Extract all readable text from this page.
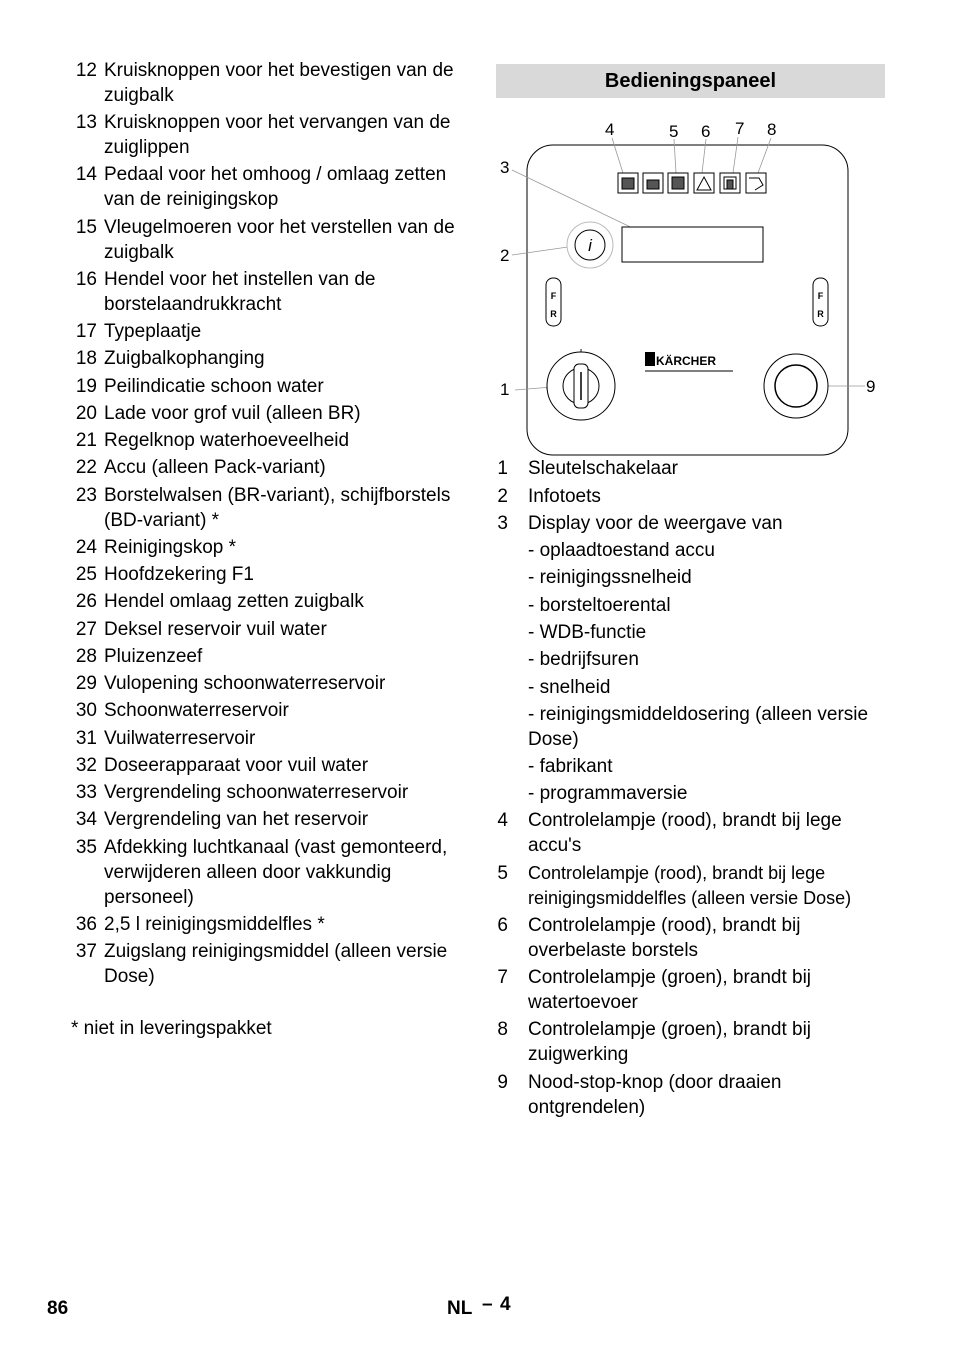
12 Kruisknoppen voor het bevestigen van de zuigbalk
13 Kruisknoppen voor het vervangen van de zuiglippen
14 Pedaal voor het omhoog / omlaag zetten van de reinigingskop
15 Vleugelmoeren voor het verstellen van de zuigbalk
16 Hendel voor het instellen van de borstelaandrukkracht
17 Typeplaatje
18 Zuigbalkophanging
19 Peilindicatie schoon water
20 Lade voor grof vuil (alleen BR)
21 Regelknop waterhoeveelheid
22 Accu (alleen Pack-variant)
23 Borstelwalsen (BR-variant), schijfborstels (BD-variant) *
24 Reinigingskop *
25 Hoofdzekering F1
26 Hendel omlaag zetten zuigbalk
27 Deksel reservoir vuil water
28 Pluizenzeef
29 Vulopening schoonwaterreservoir
30 Schoonwaterreservoir
31 Vuilwaterreservoir
32 Doseerapparaat voor vuil water
33 Vergrendeling schoonwaterreservoir
34 Vergrendeling van het reservoir
35 Afdekking luchtkanaal (vast gemonteerd, verwijderen alleen door vakkundig personeel)
36 2,5 l reinigingsmiddelfles *
37 Zuigslang reinigingsmiddel (alleen versie Dose)
* niet in leveringspakket
Bedieningspaneel
i
F
R
F
R
KÄRCHER
1
2
3
4	5 6 7 8
9
1 Sleutelschakelaar
2 Infotoets
3 Display voor de weergave van
- oplaadtoestand accu
- reinigingssnelheid
- borsteltoerental
- WDB-functie
- bedrijfsuren
- snelheid
- reinigingsmiddeldosering (alleen versie Dose)
- fabrikant
- programmaversie
4 Controlelampje (rood), brandt bij lege accu's
5 Controlelampje (rood), brandt bij lege reinigingsmiddelfles (alleen versie Dose)
6 Controlelampje (rood), brandt bij overbelaste borstels
7 Controlelampje (groen), brandt bij watertoevoer
8 Controlelampje (groen), brandt bij zuigwerking
9 Nood-stop-knop (door draaien ontgrendelen)
86	NL – 4
